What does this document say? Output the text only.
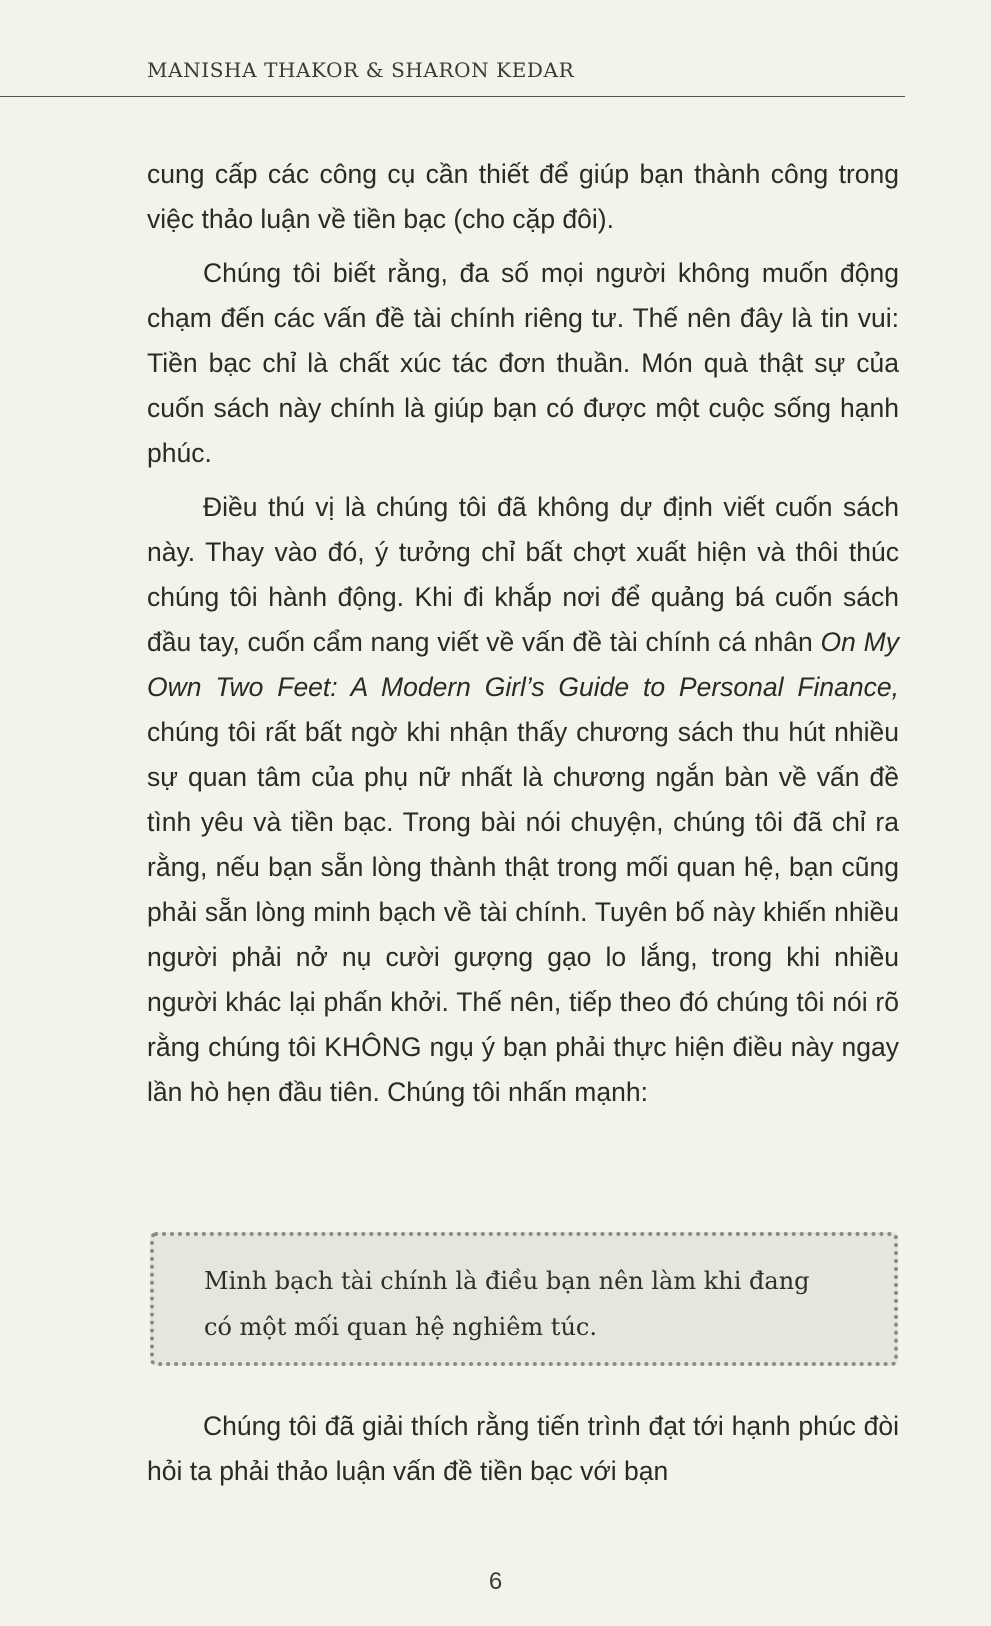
MANISHA THAKOR & SHARON KEDAR

cung cấp các công cụ cần thiết để giúp bạn thành công trong việc thảo luận về tiền bạc (cho cặp đôi).

Chúng tôi biết rằng, đa số mọi người không muốn động chạm đến các vấn đề tài chính riêng tư. Thế nên đây là tin vui: Tiền bạc chỉ là chất xúc tác đơn thuần. Món quà thật sự của cuốn sách này chính là giúp bạn có được một cuộc sống hạnh phúc.

Điều thú vị là chúng tôi đã không dự định viết cuốn sách này. Thay vào đó, ý tưởng chỉ bất chợt xuất hiện và thôi thúc chúng tôi hành động. Khi đi khắp nơi để quảng bá cuốn sách đầu tay, cuốn cẩm nang viết về vấn đề tài chính cá nhân On My Own Two Feet: A Modern Girl’s Guide to Personal Finance, chúng tôi rất bất ngờ khi nhận thấy chương sách thu hút nhiều sự quan tâm của phụ nữ nhất là chương ngắn bàn về vấn đề tình yêu và tiền bạc. Trong bài nói chuyện, chúng tôi đã chỉ ra rằng, nếu bạn sẵn lòng thành thật trong mối quan hệ, bạn cũng phải sẵn lòng minh bạch về tài chính. Tuyên bố này khiến nhiều người phải nở nụ cười gượng gạo lo lắng, trong khi nhiều người khác lại phấn khởi. Thế nên, tiếp theo đó chúng tôi nói rõ rằng chúng tôi KHÔNG ngụ ý bạn phải thực hiện điều này ngay lần hò hẹn đầu tiên. Chúng tôi nhấn mạnh:

Minh bạch tài chính là điều bạn nên làm khi đang có một mối quan hệ nghiêm túc.
Chúng tôi đã giải thích rằng tiến trình đạt tới hạnh phúc đòi hỏi ta phải thảo luận vấn đề tiền bạc với bạn
6
